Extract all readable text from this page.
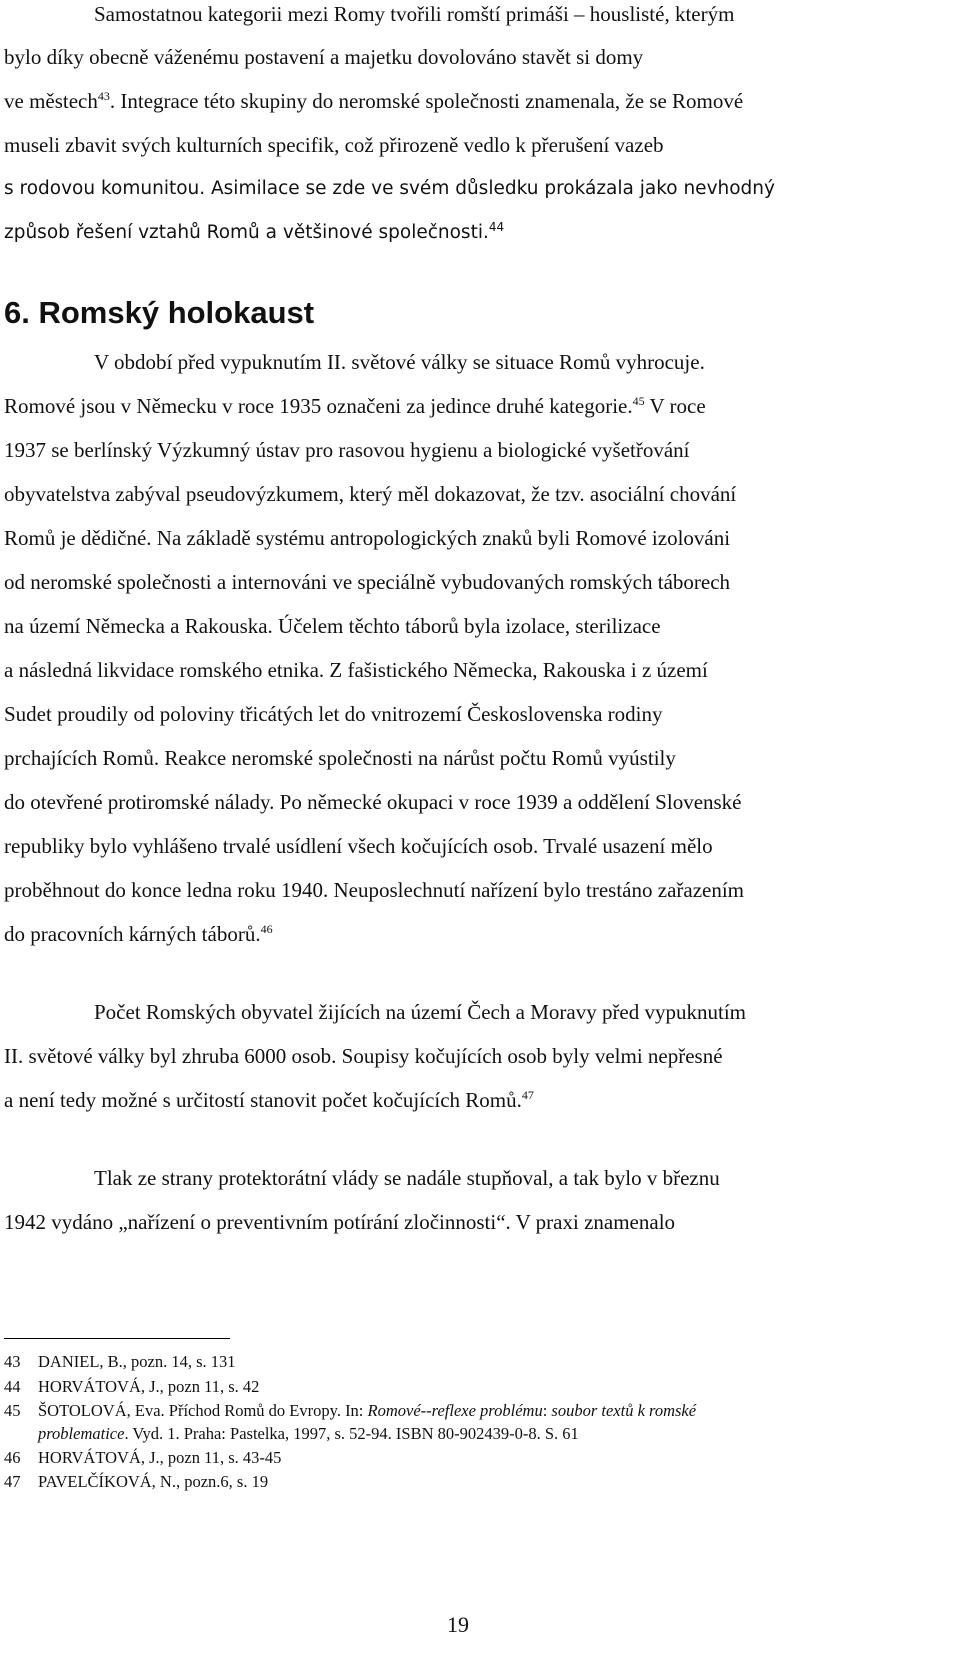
Samostatnou kategorii mezi Romy tvořili romští primáši – houslisté, kterým
bylo díky obecně váženému postavení a majetku dovolováno stavět si domy
ve městech$^{43}$. Integrace této skupiny do neromské společnosti znamenala, že se Romové
museli zbavit svých kulturních specifik, což přirozeně vedlo k přerušení vazeb
s rodovou komunitou. Asimilace se zde ve svém důsledku prokázala jako nevhodný
způsob řešení vztahů Romů a většinové společnosti.$^{44}$
6. Romský holokaust
V období před vypuknutím II. světové války se situace Romů vyhrocuje.
Romové jsou v Německu v roce 1935 označeni za jedince druhé kategorie.$^{45}$ V roce
1937 se berlínský Výzkumný ústav pro rasovou hygienu a biologické vyšetřování
obyvatelstva zabýval pseudovýzkumem, který měl dokazovat, že tzv. asociální chování
Romů je dědičné. Na základě systému antropologických znaků byli Romové izolováni
od neromské společnosti a internováni ve speciálně vybudovaných romských táborech
na území Německa a Rakouska. Účelem těchto táborů byla izolace, sterilizace
a následná likvidace romského etnika. Z fašistického Německa, Rakouska i z území
Sudet proudily od poloviny třicátých let do vnitrozemí Československa rodiny
prchajících Romů. Reakce neromské společnosti na nárůst počtu Romů vyústily
do otevřené protiromské nálady. Po německé okupaci v roce 1939 a oddělení Slovenské
republiky bylo vyhlášeno trvalé usídlení všech kočujících osob. Trvalé usazení mělo
proběhnout do konce ledna roku 1940. Neuposlechnutí nařízení bylo trestáno zařazením
do pracovních kárných táborů.$^{46}$
Počet Romských obyvatel žijících na území Čech a Moravy před vypuknutím
II. světové války byl zhruba 6000 osob. Soupisy kočujících osob byly velmi nepřesné
a není tedy možné s určitostí stanovit počet kočujících Romů.$^{47}$
Tlak ze strany protektorátní vlády se nadále stupňoval, a tak bylo v březnu
1942 vydáno „nařízení o preventivním potírání zločinnosti“. V praxi znamenalo
43 DANIEL, B., pozn. 14, s. 131
44 HORVÁTOVÁ, J., pozn 11, s. 42
45 ŠOTOLOVÁ, Eva. Příchod Romů do Evropy. In: Romové--reflexe problému: soubor textů k romské
problematice. Vyd. 1. Praha: Pastelka, 1997, s. 52-94. ISBN 80-902439-0-8. S. 61
46 HORVÁTOVÁ, J., pozn 11, s. 43-45
47 PAVELČÍKOVÁ, N., pozn.6, s. 19
19
